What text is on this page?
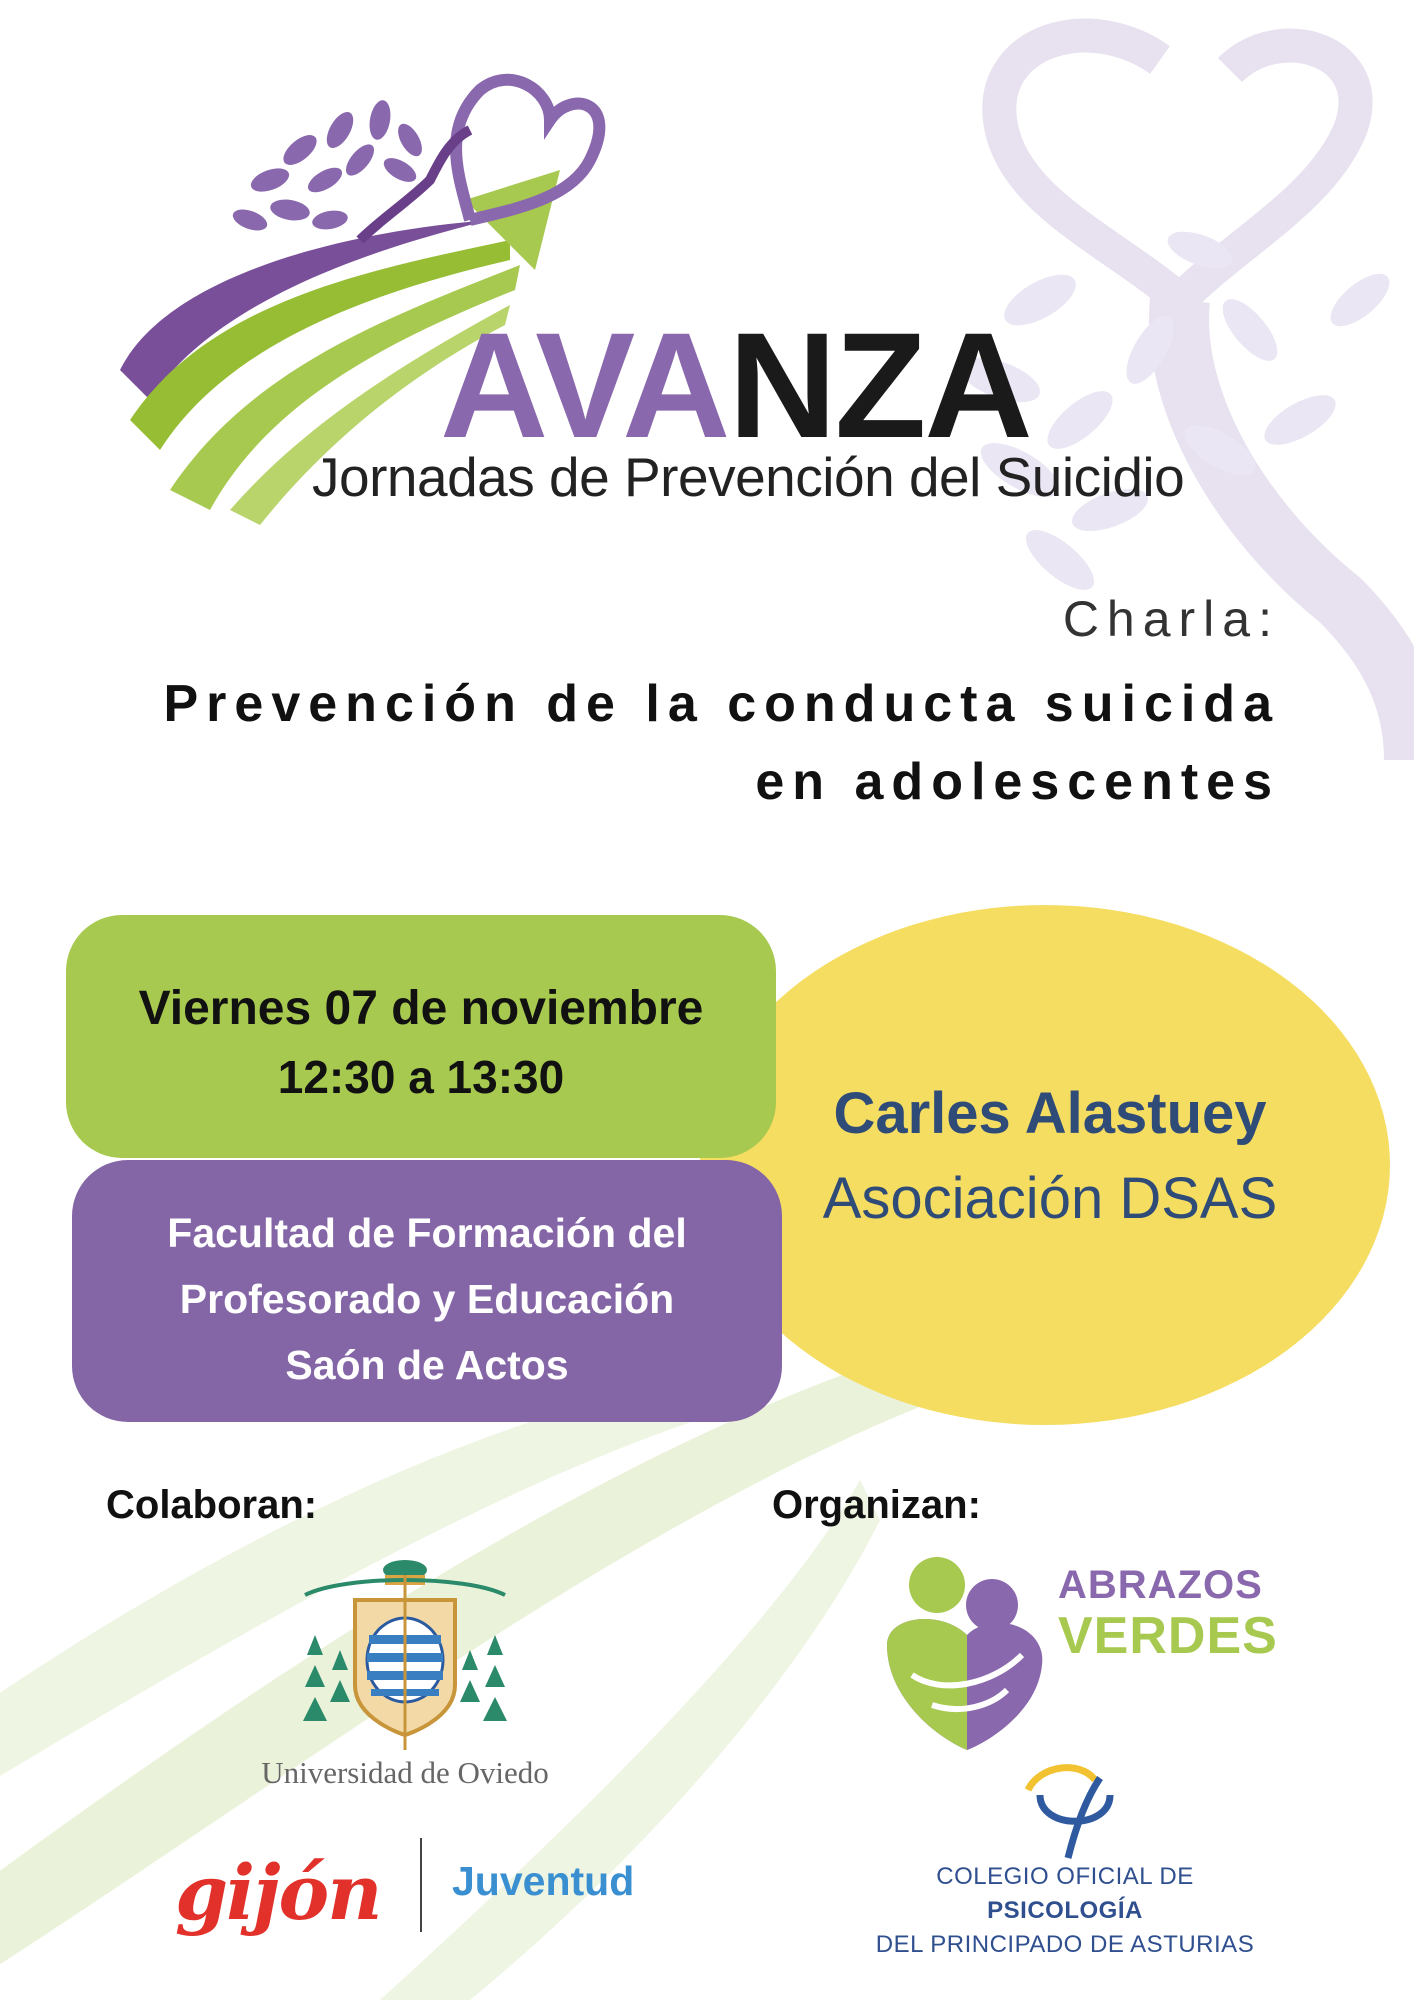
AVANZA
Jornadas de Prevención del Suicidio
Charla:
Prevención de la conducta suicida
en adolescentes
Carles Alastuey
Asociación DSAS
Viernes 07 de noviembre
12:30 a 13:30
Facultad de Formación del
Profesorado y Educación
Saón de Actos
Colaboran:	Organizan:
Universidad de Oviedo
gijón Juventud
ABRAZOS
VERDES
COLEGIO OFICIAL DE PSICOLOGÍA
DEL PRINCIPADO DE ASTURIAS
